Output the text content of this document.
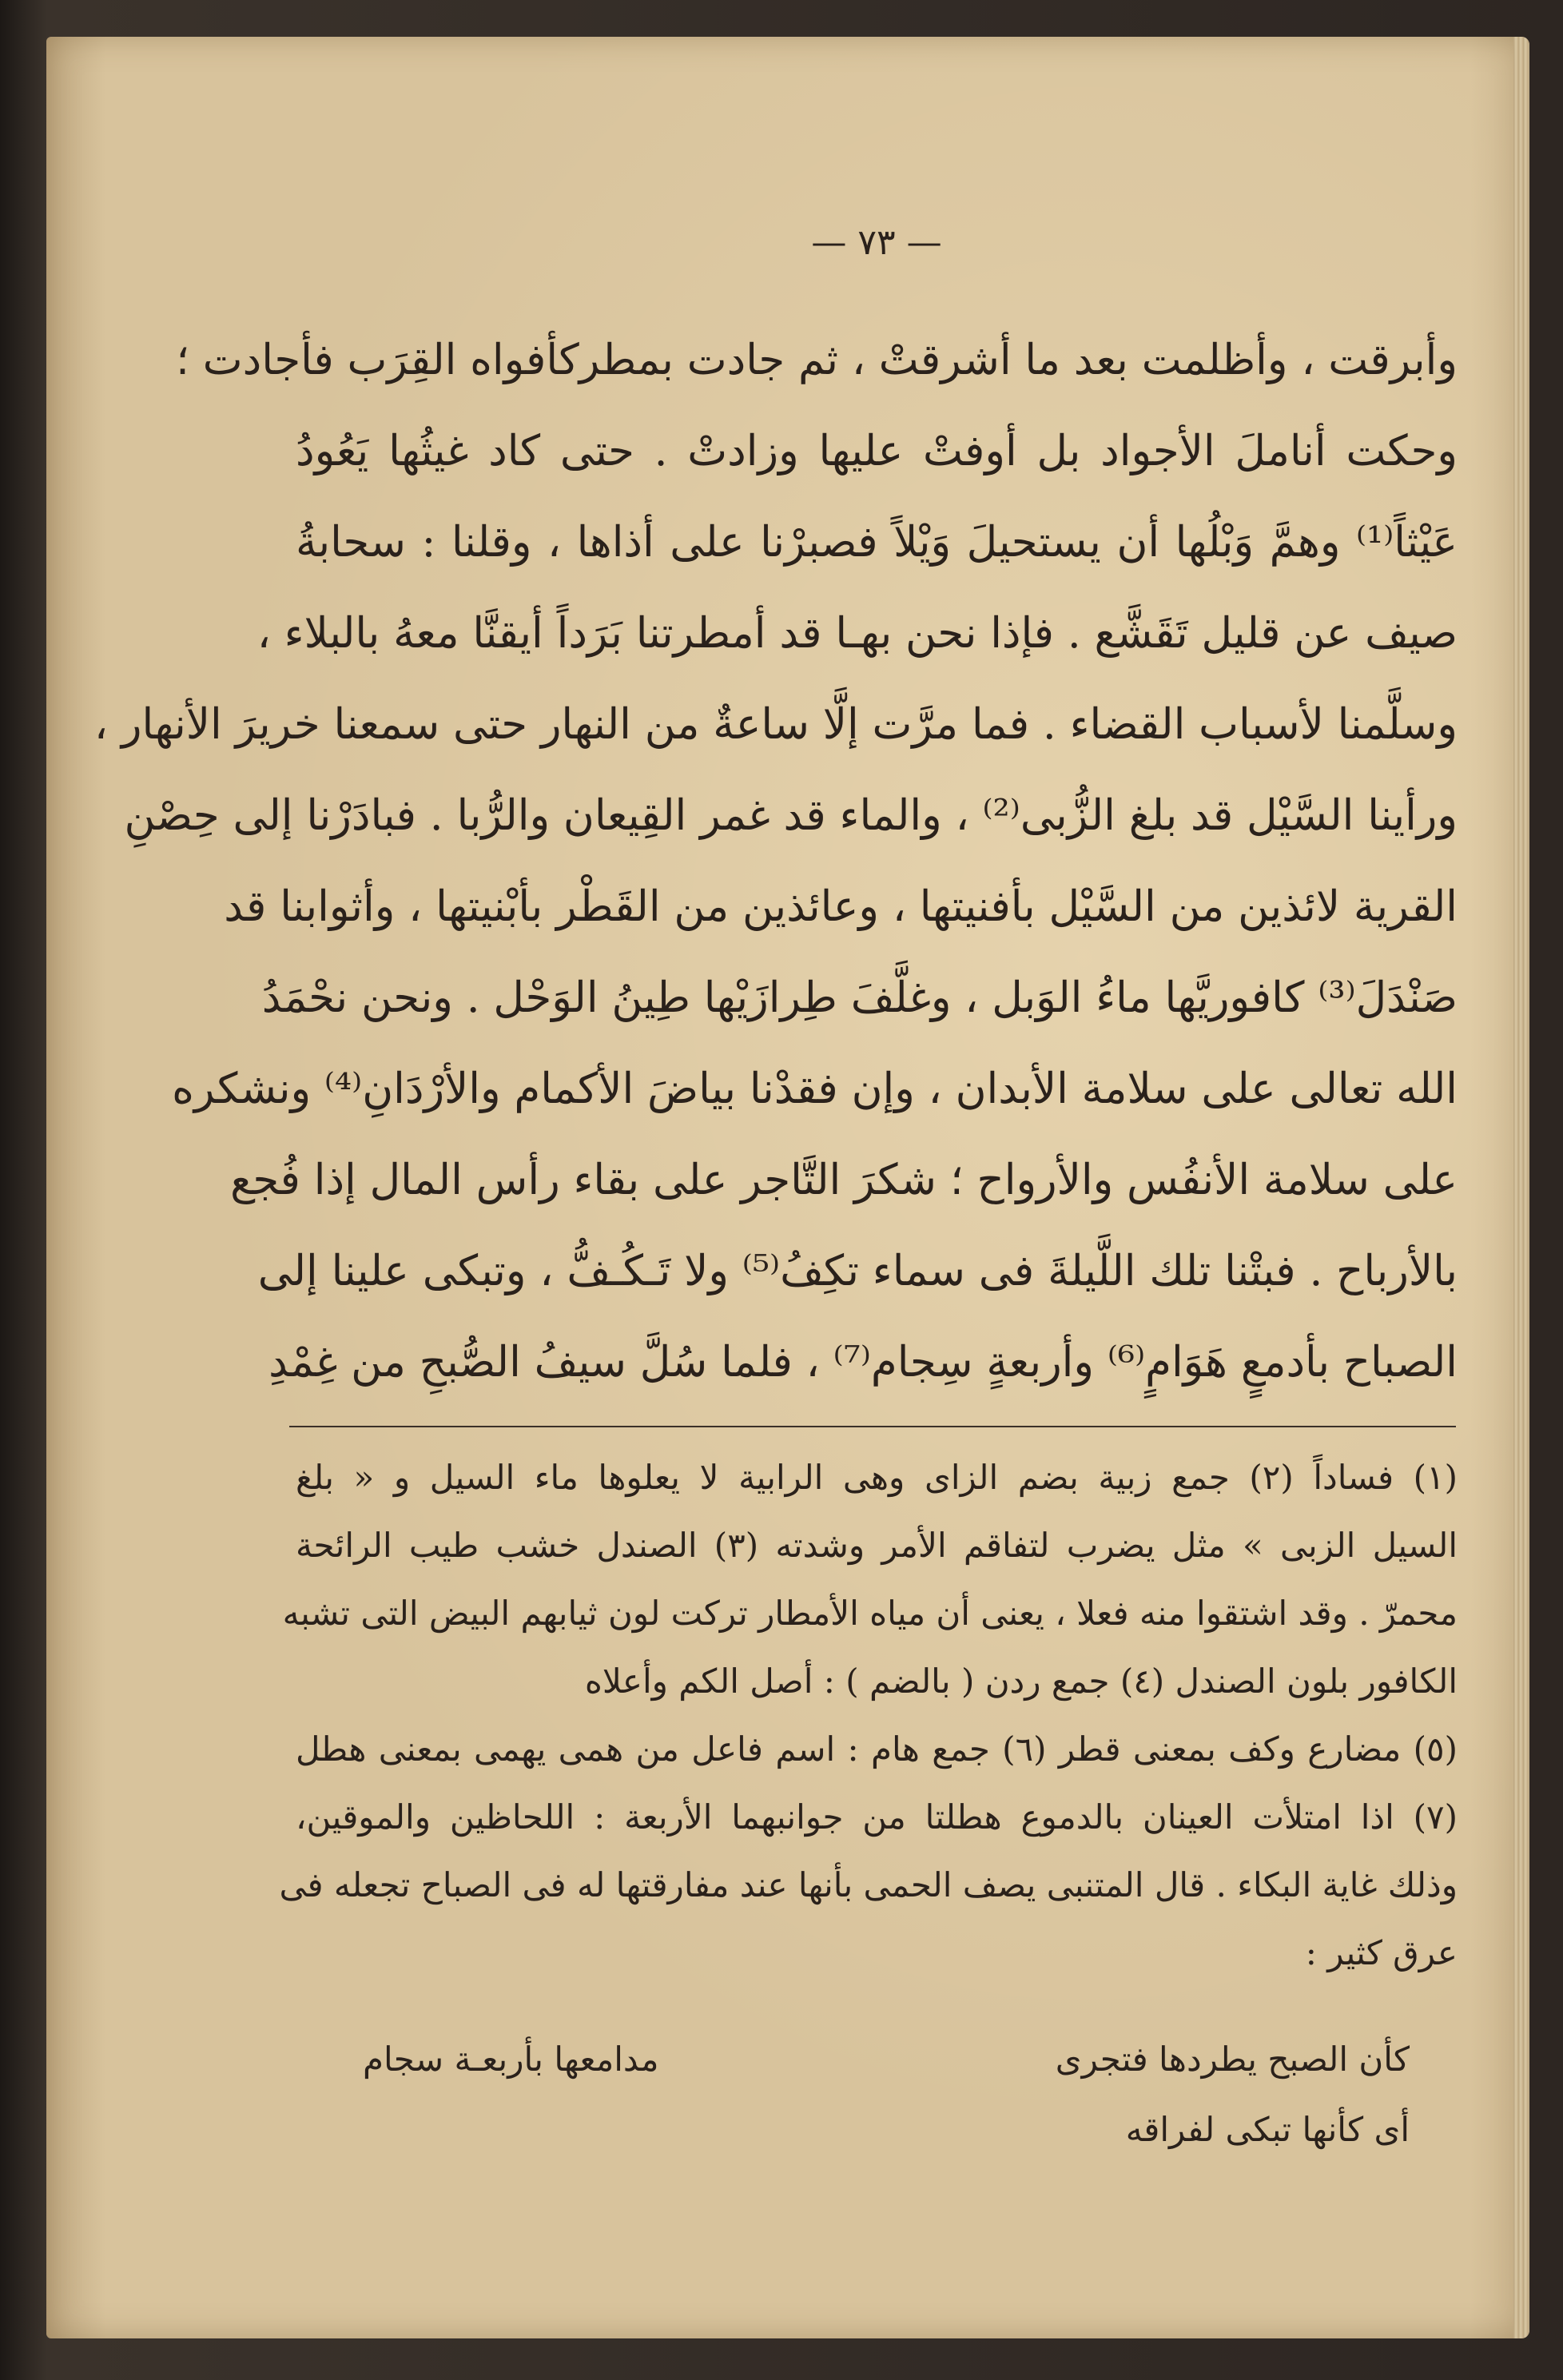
— ٧٣ —
وأبرقت ، وأظلمت بعد ما أشرقتْ ، ثم جادت بمطركأفواه القِرَب فأجادت ؛
وحكت أناملَ الأجواد بل أوفتْ عليها وزادتْ . حتى كاد غيثُها يَعُودُ
عَيْثاً⁽¹⁾ وهمَّ وَبْلُها أن يستحيلَ وَيْلاً فصبرْنا على أذاها ، وقلنا : سحابةُ
صيف عن قليل تَقَشَّع . فإذا نحن بهـا قد أمطرتنا بَرَداً أيقنَّا معهُ بالبلاء ،
وسلَّمنا لأسباب القضاء . فما مرَّت إلَّا ساعةٌ من النهار حتى سمعنا خريرَ الأنهار ،
ورأينا السَّيْل قد بلغ الزُّبى⁽²⁾ ، والماء قد غمر القِيعان والرُّبا . فبادَرْنا إلى حِصْنِ
القرية لائذين من السَّيْل بأفنيتها ، وعائذين من القَطْر بأبْنيتها ، وأثوابنا قد
صَنْدَلَ⁽³⁾ كافوريَّها ماءُ الوَبل ، وغلَّفَ طِرازَيْها طِينُ الوَحْل . ونحن نحْمَدُ
الله تعالى على سلامة الأبدان ، وإن فقدْنا بياضَ الأكمام والأرْدَانِ⁽⁴⁾ ونشكره
على سلامة الأنفُس والأرواح ؛ شكرَ التَّاجر على بقاء رأس المال إذا فُجع
بالأرباح . فبتْنا تلك اللَّيلةَ فى سماء تكِفُ⁽⁵⁾ ولا تَـكُـفُّ ، وتبكى علينا إلى
الصباح بأدمعٍ هَوَامٍ⁽⁶⁾ وأربعةٍ سِجام⁽⁷⁾ ، فلما سُلَّ سيفُ الصُّبحِ من غِمْدِ
(١) فساداً (٢) جمع زبية بضم الزاى وهى الرابية لا يعلوها ماء السيل و « بلغ
السيل الزبى » مثل يضرب لتفاقم الأمر وشدته (٣) الصندل خشب طيب الرائحة
محمرّ . وقد اشتقوا منه فعلا ، يعنى أن مياه الأمطار تركت لون ثيابهم البيض التى تشبه
الكافور بلون الصندل (٤) جمع ردن ( بالضم ) : أصل الكم وأعلاه
(٥) مضارع وكف بمعنى قطر (٦) جمع هام : اسم فاعل من همى يهمى بمعنى هطل
(٧) اذا امتلأت العينان بالدموع هطلتا من جوانبهما الأربعة : اللحاظين والموقين،
وذلك غاية البكاء . قال المتنبى يصف الحمى بأنها عند مفارقتها له فى الصباح تجعله فى
عرق كثير :
كأن الصبح يطردها فتجرى
مدامعها بأربعـة سجام
أى كأنها تبكى لفراقه
